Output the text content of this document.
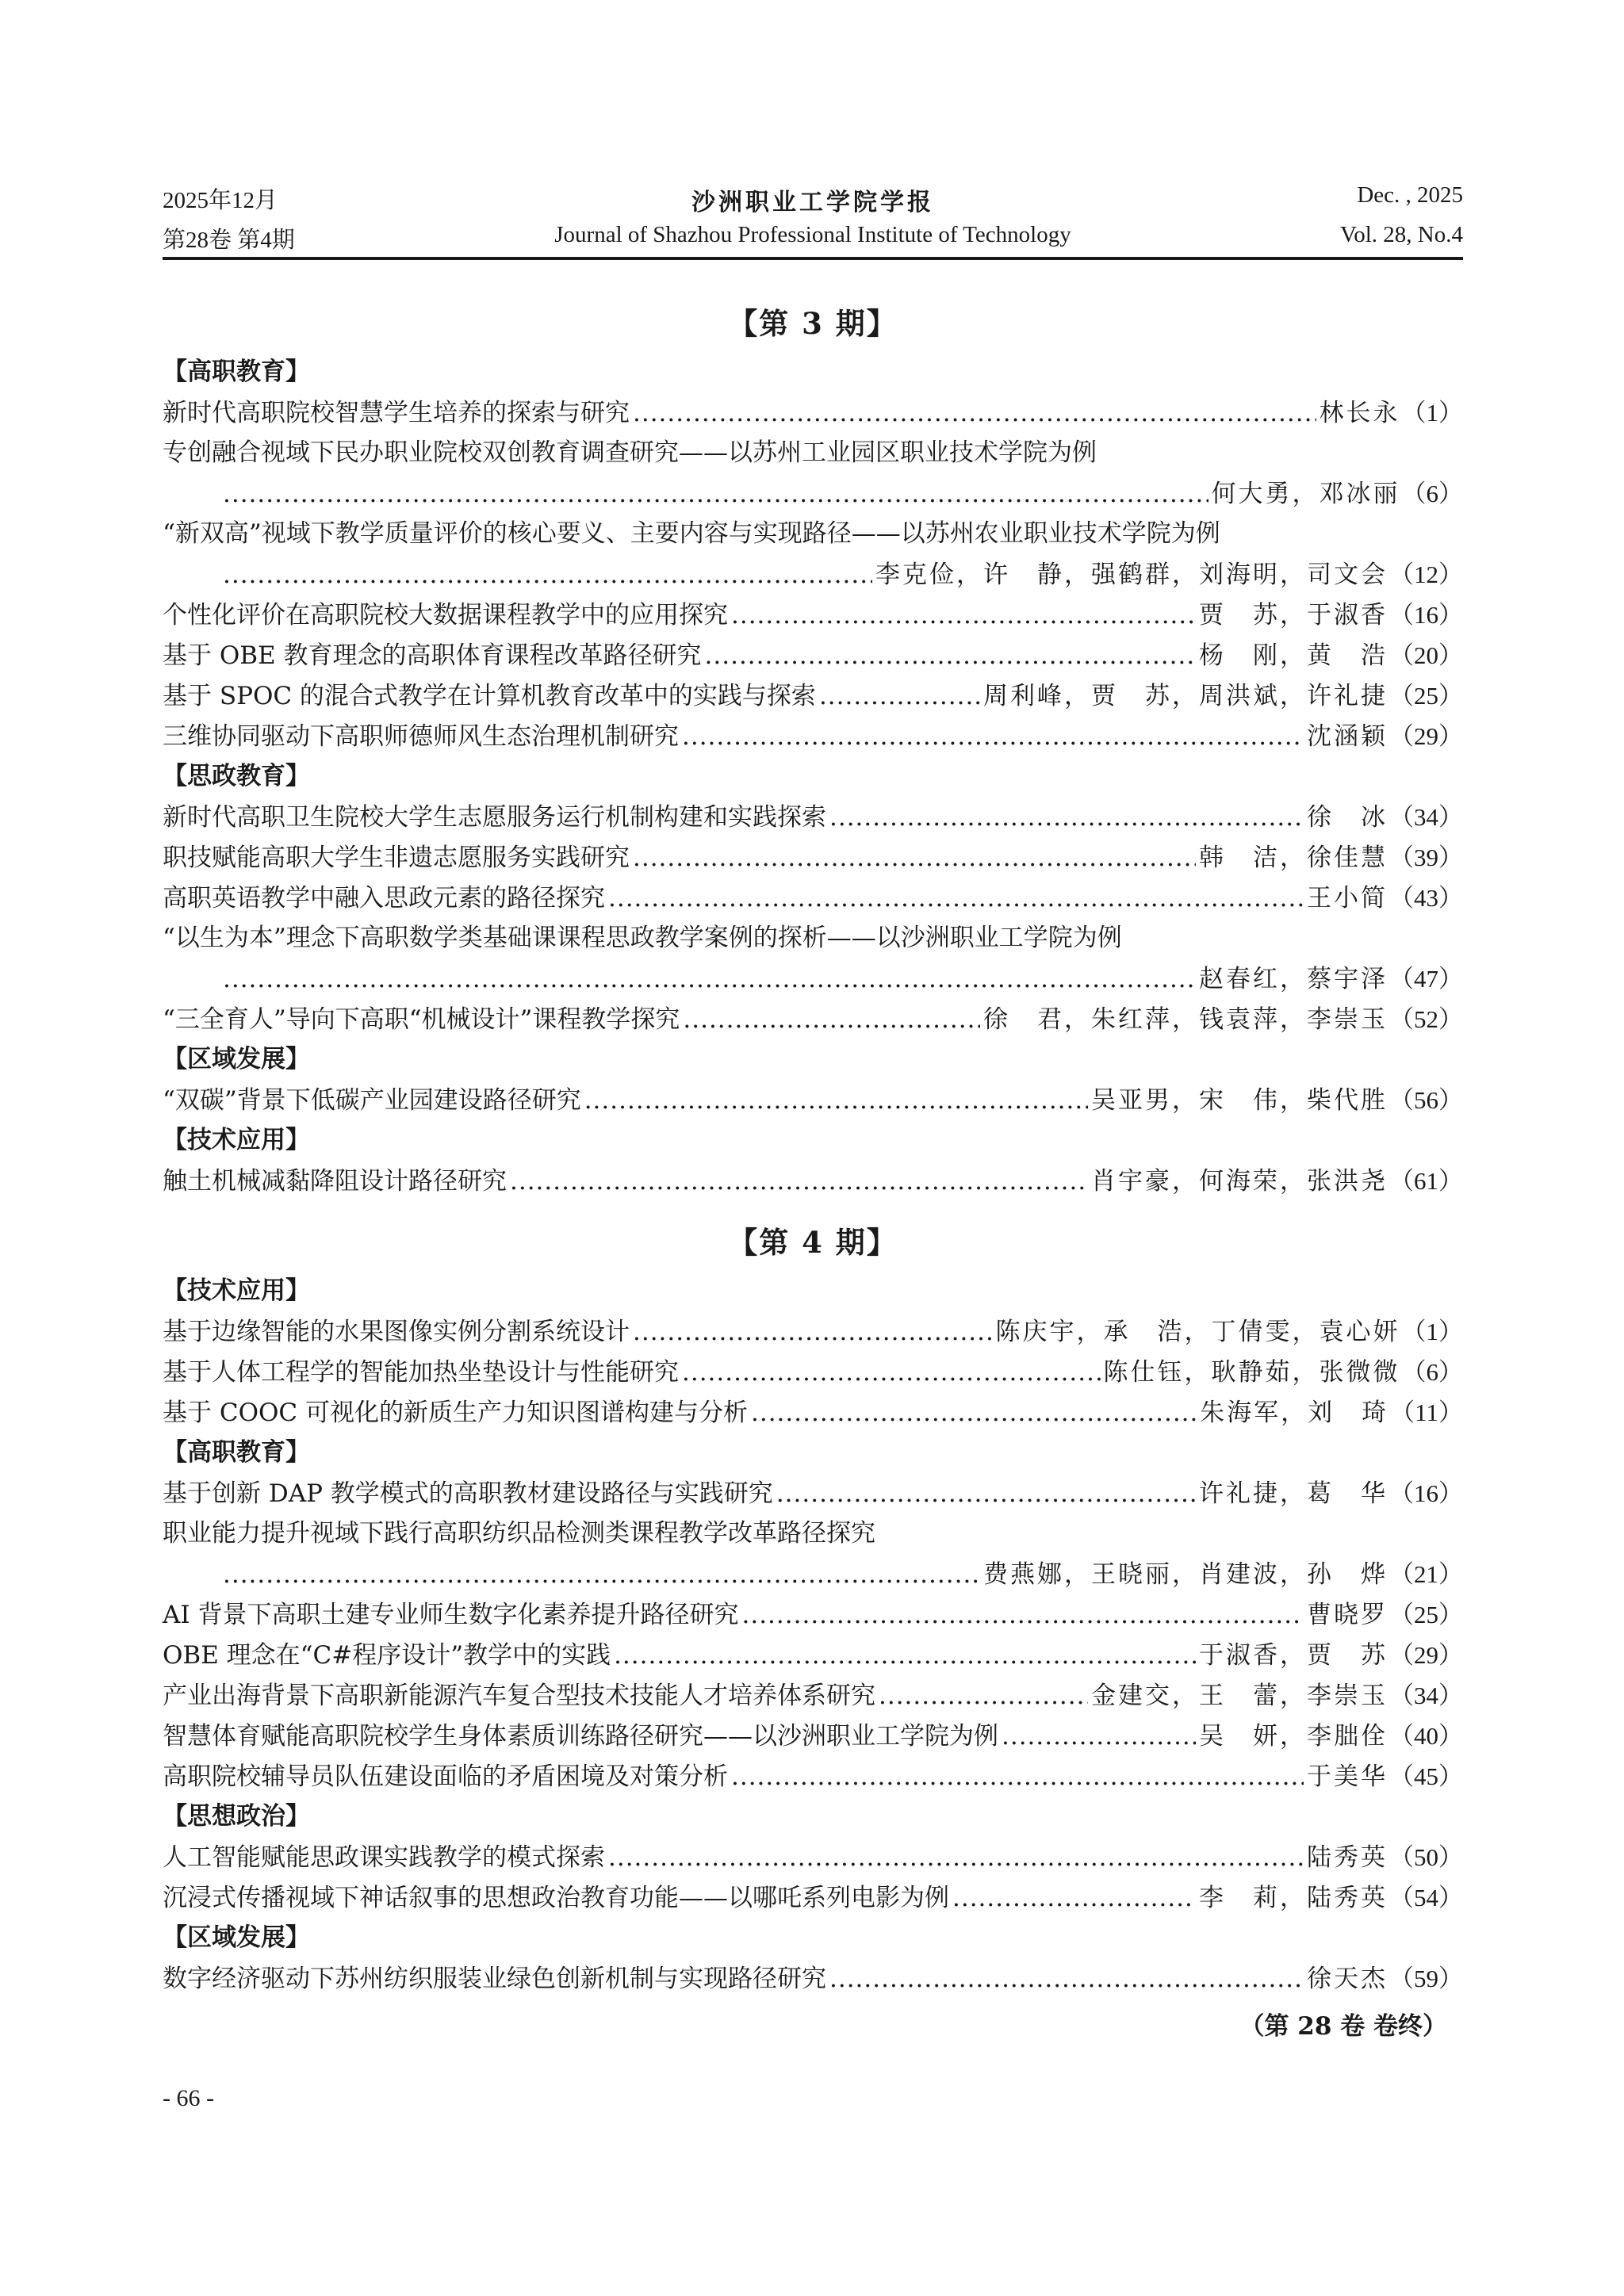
2025年12月	沙洲职业工学院学报	Dec. , 2025
第28卷 第4期	Journal of Shazhou Professional Institute of Technology	Vol. 28, No.4
【第 3 期】
【高职教育】
新时代高职院校智慧学生培养的探索与研究 .....	林长永 （1）
专创融合视域下民办职业院校双创教育调查研究——以苏州工业园区职业技术学院为例
.....
何大勇，邓冰丽 （6）
“新双高”视域下教学质量评价的核心要义、主要内容与实现路径——以苏州农业职业技术学院为例
.....
李克俭，许　静，强鹤群，刘海明，司文会 （12）
个性化评价在高职院校大数据课程教学中的应用探究 .....	贾　苏，于淑香 （16）
基于 OBE 教育理念的高职体育课程改革路径研究 .....	杨　刚，黄　浩 （20）
基于 SPOC 的混合式教学在计算机教育改革中的实践与探索 .....	周利峰，贾　苏，周洪斌，许礼捷 （25）
三维协同驱动下高职师德师风生态治理机制研究 .....	沈涵颖 （29）
【思政教育】
新时代高职卫生院校大学生志愿服务运行机制构建和实践探索 .....	徐　冰 （34）
职技赋能高职大学生非遗志愿服务实践研究 .....	韩　洁，徐佳慧 （39）
高职英语教学中融入思政元素的路径探究 .....	王小简 （43）
“以生为本”理念下高职数学类基础课课程思政教学案例的探析——以沙洲职业工学院为例
.....
赵春红，蔡宇泽 （47）
“三全育人”导向下高职“机械设计”课程教学探究 .....	徐　君，朱红萍，钱袁萍，李崇玉 （52）
【区域发展】
“双碳”背景下低碳产业园建设路径研究 .....	吴亚男，宋　伟，柴代胜 （56）
【技术应用】
触土机械减黏降阻设计路径研究 .....	肖宇豪，何海荣，张洪尧 （61）
【第 4 期】
【技术应用】
基于边缘智能的水果图像实例分割系统设计 .....	陈庆宇，承　浩，丁倩雯，袁心妍 （1）
基于人体工程学的智能加热坐垫设计与性能研究 .....	陈仕钰，耿静茹，张微微 （6）
基于 COOC 可视化的新质生产力知识图谱构建与分析 .....	朱海军，刘　琦 （11）
【高职教育】
基于创新 DAP 教学模式的高职教材建设路径与实践研究 .....	许礼捷，葛　华 （16）
职业能力提升视域下践行高职纺织品检测类课程教学改革路径探究
.....
费燕娜，王晓丽，肖建波，孙　烨 （21）
AI 背景下高职土建专业师生数字化素养提升路径研究 .....	曹晓罗 （25）
OBE 理念在“C#程序设计”教学中的实践 .....	于淑香，贾　苏 （29）
产业出海背景下高职新能源汽车复合型技术技能人才培养体系研究 .....	金建交，王　蕾，李崇玉 （34）
智慧体育赋能高职院校学生身体素质训练路径研究——以沙洲职业工学院为例 .....	吴　妍，李朏佺 （40）
高职院校辅导员队伍建设面临的矛盾困境及对策分析 .....	于美华 （45）
【思想政治】
人工智能赋能思政课实践教学的模式探索 .....	陆秀英 （50）
沉浸式传播视域下神话叙事的思想政治教育功能——以哪吒系列电影为例 .....	李　莉，陆秀英 （54）
【区域发展】
数字经济驱动下苏州纺织服装业绿色创新机制与实现路径研究 .....	徐天杰 （59）
（第 28 卷 卷终）
- 66 -
